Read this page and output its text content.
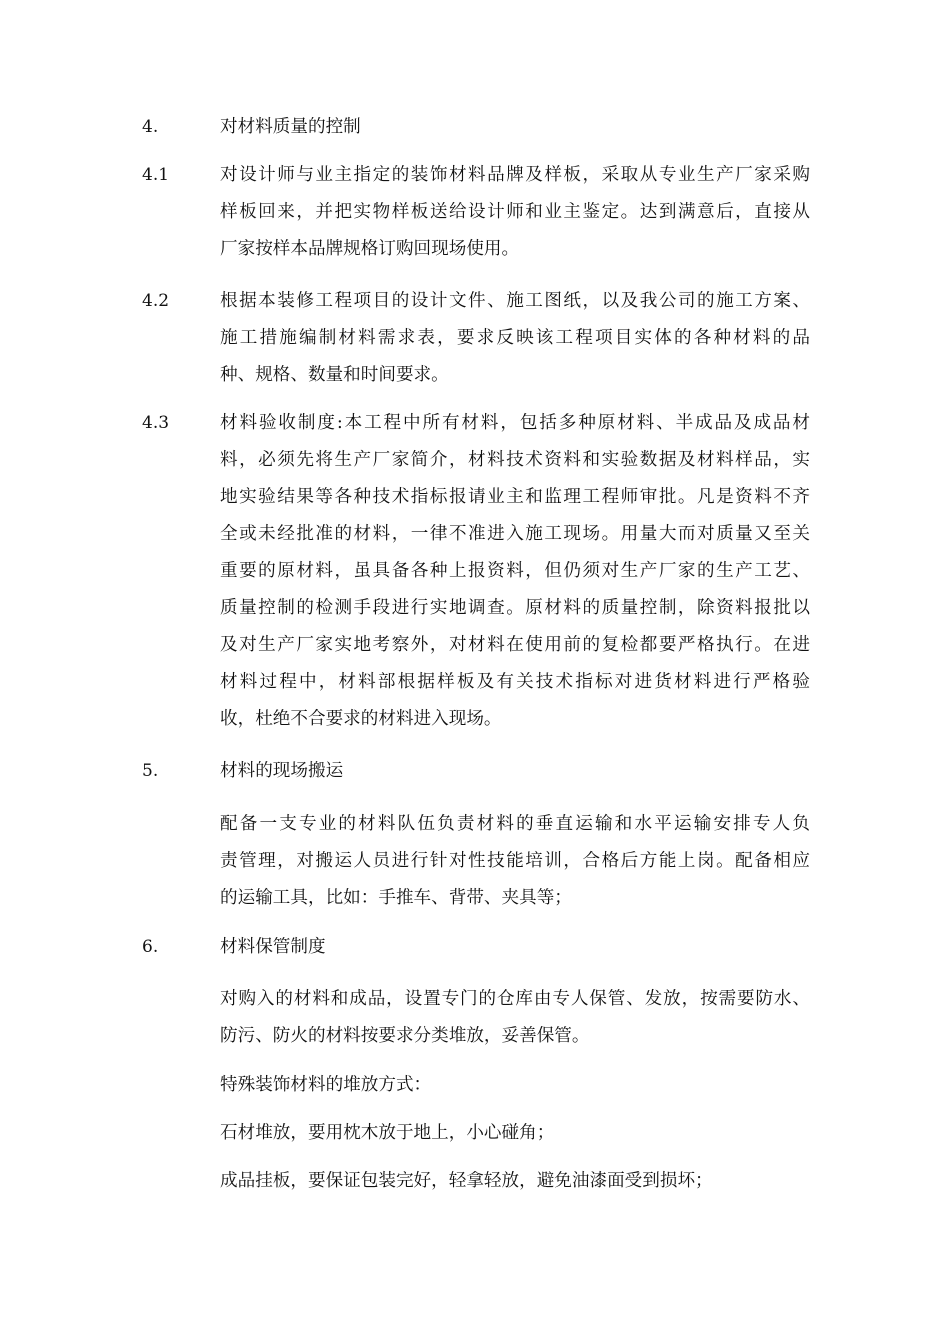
4.	对材料质量的控制
4.1	对设计师与业主指定的装饰材料品牌及样板，采取从专业生产厂家采购
样板回来，并把实物样板送给设计师和业主鉴定。达到满意后，直接从
厂家按样本品牌规格订购回现场使用。
4.2	根据本装修工程项目的设计文件、施工图纸，以及我公司的施工方案、
施工措施编制材料需求表，要求反映该工程项目实体的各种材料的品
种、规格、数量和时间要求。
4.3	材料验收制度:本工程中所有材料，包括多种原材料、半成品及成品材
料，必须先将生产厂家简介，材料技术资料和实验数据及材料样品，实
地实验结果等各种技术指标报请业主和监理工程师审批。凡是资料不齐
全或未经批准的材料，一律不准进入施工现场。用量大而对质量又至关
重要的原材料，虽具备各种上报资料，但仍须对生产厂家的生产工艺、
质量控制的检测手段进行实地调查。原材料的质量控制，除资料报批以
及对生产厂家实地考察外，对材料在使用前的复检都要严格执行。在进
材料过程中，材料部根据样板及有关技术指标对进货材料进行严格验
收，杜绝不合要求的材料进入现场。
5.	材料的现场搬运
配备一支专业的材料队伍负责材料的垂直运输和水平运输安排专人负
责管理，对搬运人员进行针对性技能培训，合格后方能上岗。配备相应
的运输工具，比如：手推车、背带、夹具等；
6.	材料保管制度
对购入的材料和成品，设置专门的仓库由专人保管、发放，按需要防水、
防污、防火的材料按要求分类堆放，妥善保管。
特殊装饰材料的堆放方式：
石材堆放，要用枕木放于地上，小心碰角；
成品挂板，要保证包装完好，轻拿轻放，避免油漆面受到损坏；
